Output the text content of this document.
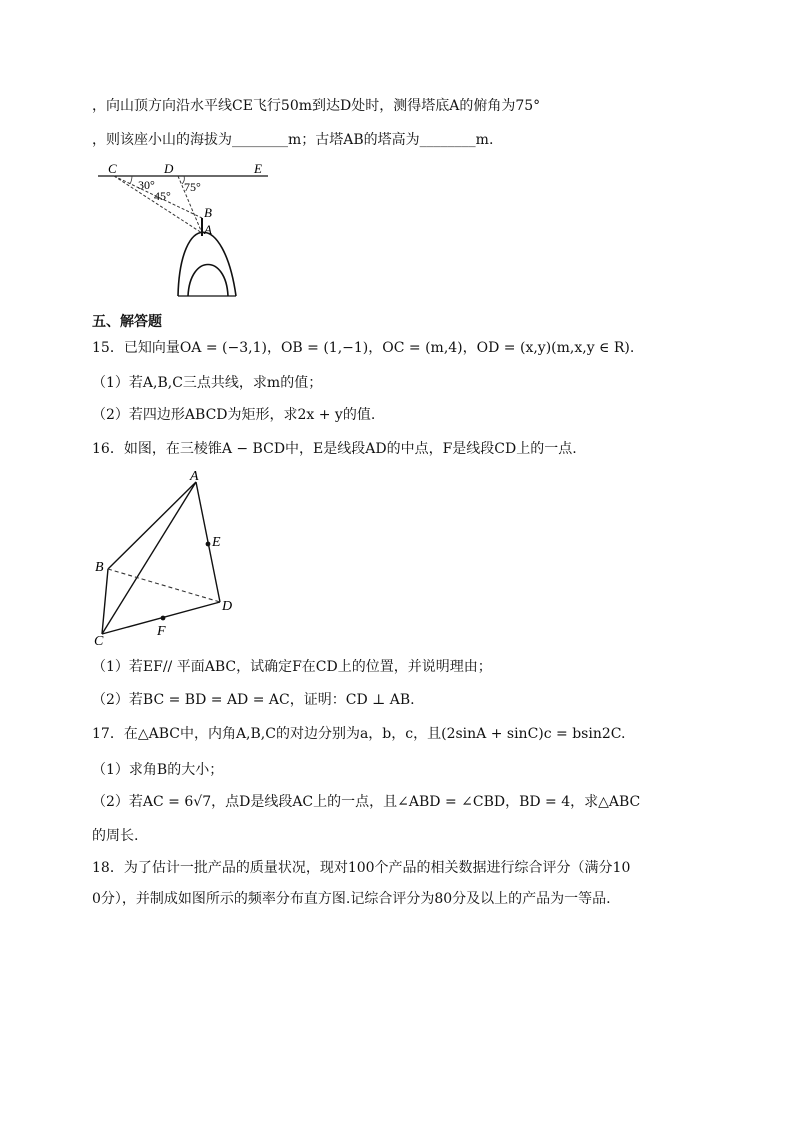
，向山顶方向沿水平线CE飞行50m到达D处时，测得塔底A的俯角为75°
，则该座小山的海拔为________m；古塔AB的塔高为________m.
C	D	E
B
A
30°
45°
75°
五、解答题
15．已知向量OA = (−3,1)，OB = (1,−1)，OC = (m,4)，OD = (x,y)(m,x,y ∈ R).
（1）若A,B,C三点共线，求m的值；
（2）若四边形ABCD为矩形，求2x + y的值.
16．如图，在三棱锥A − BCD中，E是线段AD的中点，F是线段CD上的一点.
A
B
C
D
E
F
（1）若EF// 平面ABC，试确定F在CD上的位置，并说明理由；
（2）若BC = BD = AD = AC，证明：CD ⊥ AB.
17．在△ABC中，内角A,B,C的对边分别为a，b，c，且(2sinA + sinC)c = bsin2C.
（1）求角B的大小；
（2）若AC = 6√7，点D是线段AC上的一点，且∠ABD = ∠CBD，BD = 4，求△ABC
的周长.
18．为了估计一批产品的质量状况，现对100个产品的相关数据进行综合评分（满分10
0分），并制成如图所示的频率分布直方图.记综合评分为80分及以上的产品为一等品.
